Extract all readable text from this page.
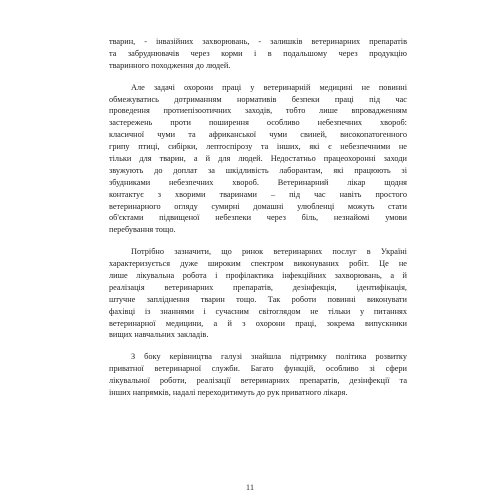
тварин, - інвазійних захворювань, - залишків ветеринарних препаратів
та забруднювачів через корми і в подальшому через продукцію
тваринного походження до людей.
Але задачі охорони праці у ветеринарній медицині не повинні
обмежуватись дотриманням нормативів безпеки праці під час
проведення протиепізоотичних заходів, тобто лише впровадженням
застережень проти поширення особливо небезпечних хвороб:
класичної чуми та африканської чуми свиней, високопатогенного
грипу птиці, сибірки, лептоспірозу та інших, які є небезпечними не
тільки для тварин, а й для людей. Недостатньо працеохоронні заходи
звужують до доплат за шкідливість лаборантам, які працюють зі
збудниками небезпечних хвороб. Ветеринарний лікар щодня
контактує з хворими тваринами – під час навіть простого
ветеринарного огляду сумирні домашні улюбленці можуть стати
об'єктами підвищеної небезпеки через біль, незнайомі умови
перебування тощо.
Потрібно зазначити, що ринок ветеринарних послуг в Україні
характеризується дуже широким спектром виконуваних робіт. Це не
лише лікувальна робота і профілактика інфекційних захворювань, а й
реалізація ветеринарних препаратів, дезінфекція, ідентифікація,
штучне запліднення тварин тощо. Так роботи повинні виконувати
фахівці із знаннями і сучасним світоглядом не тільки у питаннях
ветеринарної медицини, а й з охорони праці, зокрема випускники
вищих навчальних закладів.
З боку керівництва галузі знайшла підтримку політика розвитку
приватної ветеринарної служби. Багато функцій, особливо зі сфери
лікувальної роботи, реалізації ветеринарних препаратів, дезінфекції та
інших напрямків, надалі переходитимуть до рук приватного лікаря.
11
